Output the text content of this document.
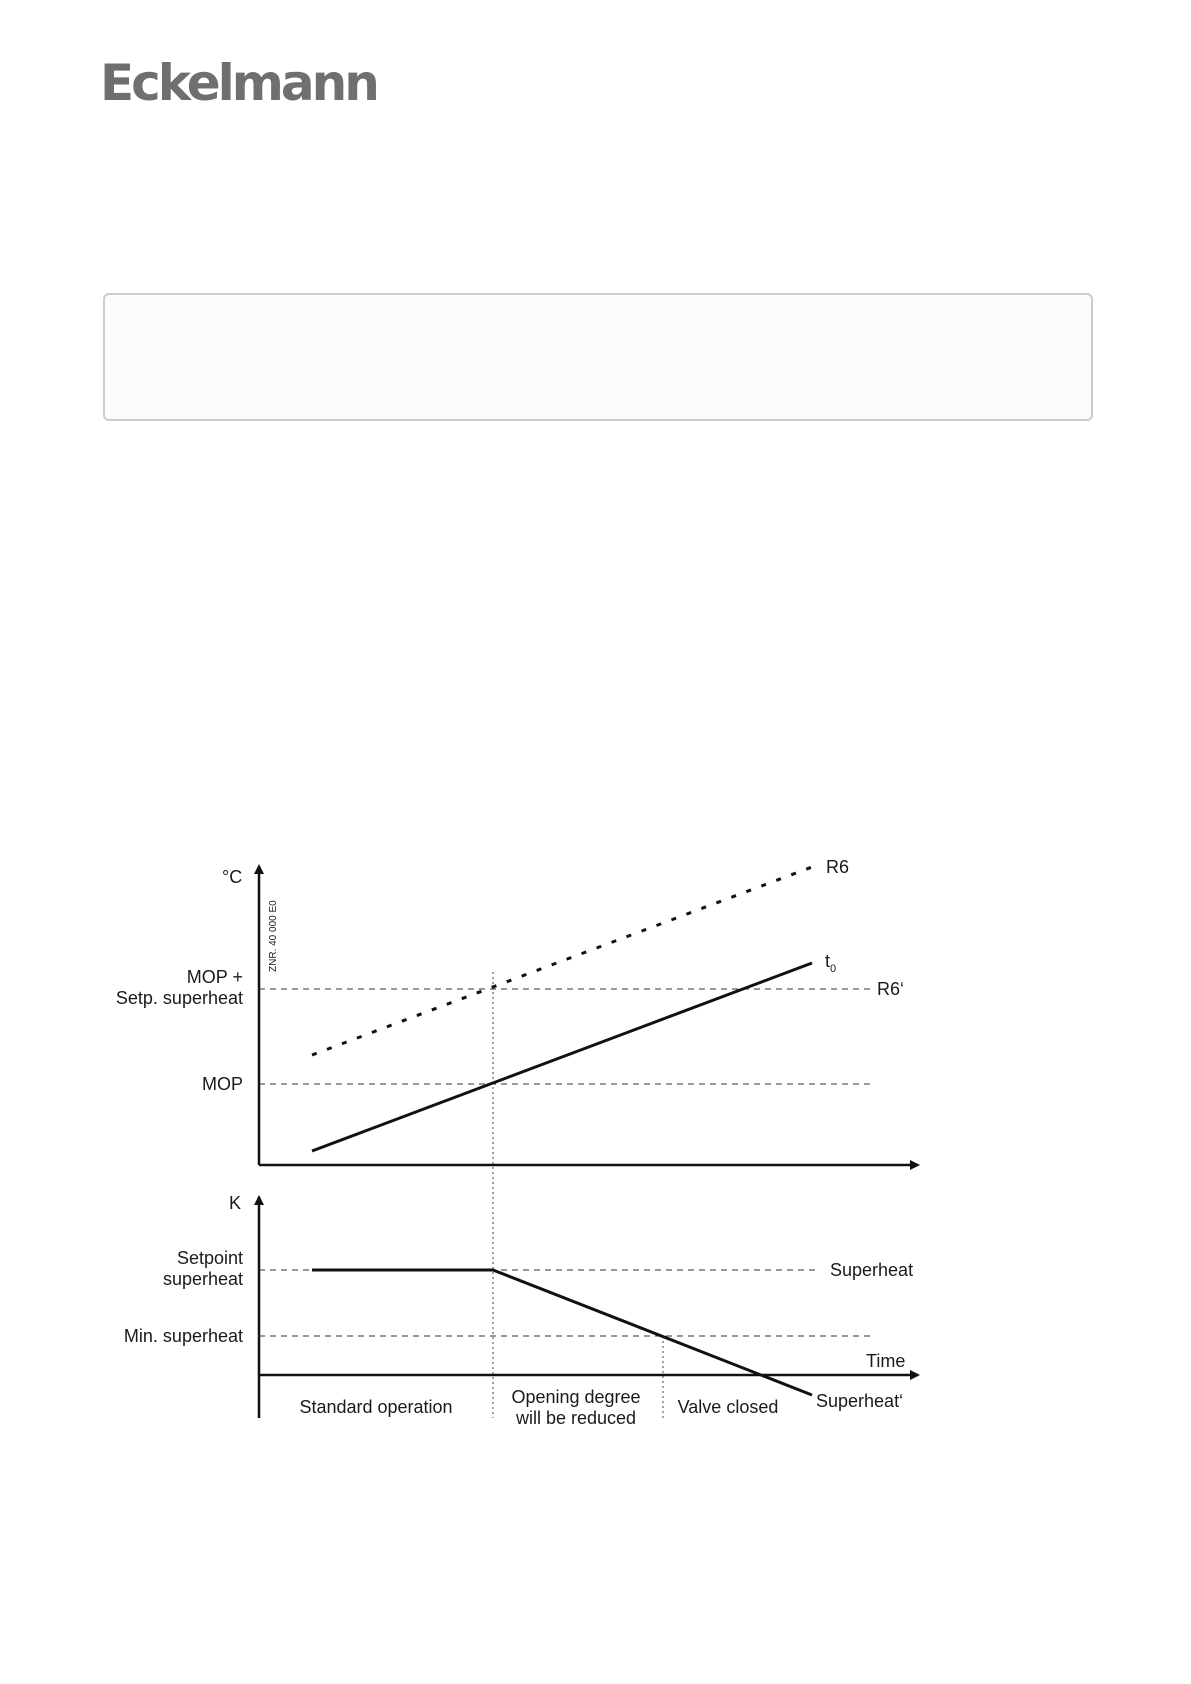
Eckelmann
°C
ZNR. 40 000 E0
MOP +
Setp. superheat
MOP
R6
R6‘
$t_0$
K
Setpoint
superheat
Min. superheat
Superheat
Superheat‘
Time
Standard operation	Opening degree
will be reduced
Valve closed
